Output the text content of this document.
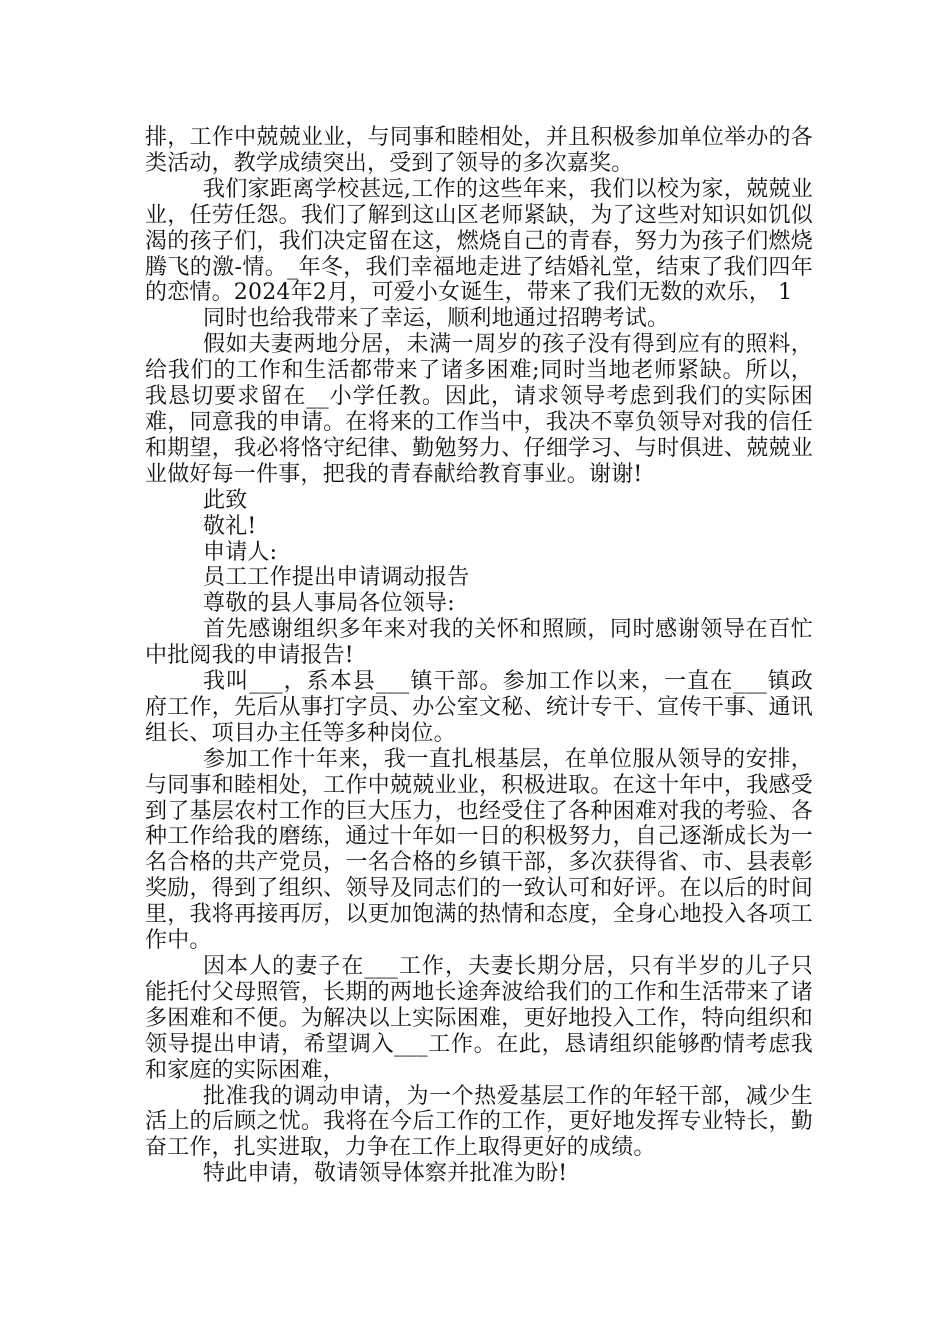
排，工作中兢兢业业，与同事和睦相处，并且积极参加单位举办的各类活动，教学成绩突出，受到了领导的多次嘉奖。

我们家距离学校甚远,工作的这些年来，我们以校为家，兢兢业业，任劳任怨。我们了解到这山区老师紧缺，为了这些对知识如饥似渴的孩子们，我们决定留在这，燃烧自己的青春，努力为孩子们燃烧腾飞的激-情。_年冬，我们幸福地走进了结婚礼堂，结束了我们四年的恋情。2024年2月，可爱小女诞生，带来了我们无数的欢乐， 1

同时也给我带来了幸运，顺利地通过招聘考试。

假如夫妻两地分居，未满一周岁的孩子没有得到应有的照料，给我们的工作和生活都带来了诸多困难;同时当地老师紧缺。所以，我恳切要求留在__小学任教。因此，请求领导考虑到我们的实际困难，同意我的申请。在将来的工作当中，我决不辜负领导对我的信任和期望，我必将恪守纪律、勤勉努力、仔细学习、与时俱进、兢兢业业做好每一件事，把我的青春献给教育事业。谢谢!

此致

敬礼!

申请人:

员工工作提出申请调动报告

尊敬的县人事局各位领导:

首先感谢组织多年来对我的关怀和照顾，同时感谢领导在百忙中批阅我的申请报告!

我叫___，系本县___镇干部。参加工作以来，一直在___镇政府工作，先后从事打字员、办公室文秘、统计专干、宣传干事、通讯组长、项目办主任等多种岗位。

参加工作十年来，我一直扎根基层，在单位服从领导的安排，与同事和睦相处，工作中兢兢业业，积极进取。在这十年中，我感受到了基层农村工作的巨大压力，也经受住了各种困难对我的考验、各种工作给我的磨练，通过十年如一日的积极努力，自己逐渐成长为一名合格的共产党员，一名合格的乡镇干部，多次获得省、市、县表彰奖励，得到了组织、领导及同志们的一致认可和好评。在以后的时间里，我将再接再厉，以更加饱满的热情和态度，全身心地投入各项工作中。

因本人的妻子在___工作，夫妻长期分居，只有半岁的儿子只能托付父母照管，长期的两地长途奔波给我们的工作和生活带来了诸多困难和不便。为解决以上实际困难，更好地投入工作，特向组织和领导提出申请，希望调入___工作。在此，恳请组织能够酌情考虑我和家庭的实际困难，

批准我的调动申请，为一个热爱基层工作的年轻干部，减少生活上的后顾之忧。我将在今后工作的工作，更好地发挥专业特长，勤奋工作，扎实进取，力争在工作上取得更好的成绩。

特此申请，敬请领导体察并批准为盼!
